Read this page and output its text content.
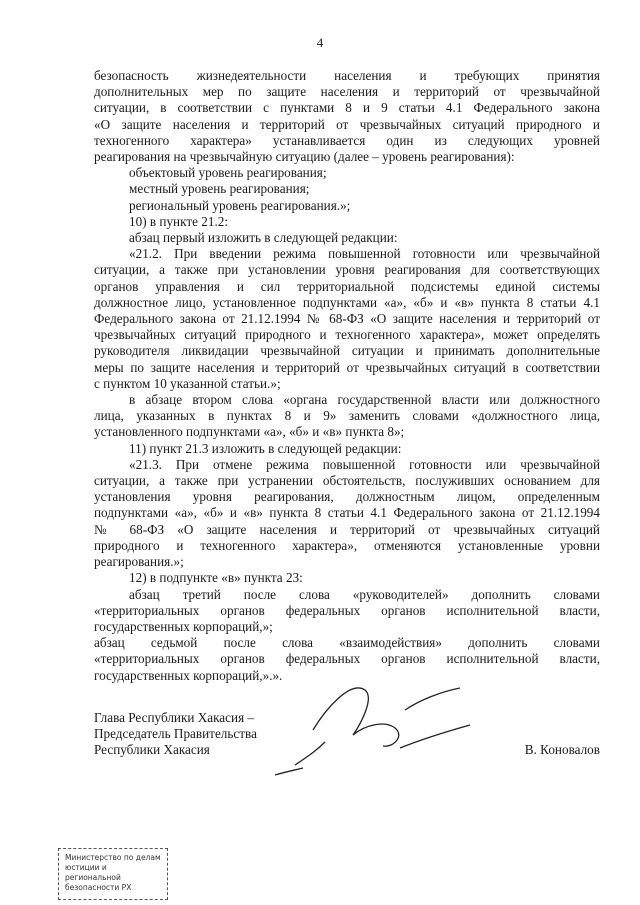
4

безопасность жизнедеятельности населения и требующих принятия

дополнительных мер по защите населения и территорий от чрезвычайной

ситуации, в соответствии с пунктами 8 и 9 статьи 4.1 Федерального закона

«О защите населения и территорий от чрезвычайных ситуаций природного и

техногенного характера» устанавливается один из следующих уровней

реагирования на чрезвычайную ситуацию (далее – уровень реагирования):

объектовый уровень реагирования;

местный уровень реагирования;

региональный уровень реагирования.»;

10) в пункте 21.2:

абзац первый изложить в следующей редакции:

«21.2. При введении режима повышенной готовности или чрезвычайной

ситуации, а также при установлении уровня реагирования для соответствующих

органов управления и сил территориальной подсистемы единой системы

должностное лицо, установленное подпунктами «а», «б» и «в» пункта 8 статьи 4.1

Федерального закона от 21.12.1994 № 68-ФЗ «О защите населения и территорий от

чрезвычайных ситуаций природного и техногенного характера», может определять

руководителя ликвидации чрезвычайной ситуации и принимать дополнительные

меры по защите населения и территорий от чрезвычайных ситуаций в соответствии

с пунктом 10 указанной статьи.»;

в абзаце втором слова «органа государственной власти или должностного

лица, указанных в пунктах 8 и 9» заменить словами «должностного лица,

установленного подпунктами «а», «б» и «в» пункта 8»;

11) пункт 21.3 изложить в следующей редакции:

«21.3. При отмене режима повышенной готовности или чрезвычайной

ситуации, а также при устранении обстоятельств, послуживших основанием для

установления уровня реагирования, должностным лицом, определенным

подпунктами «а», «б» и «в» пункта 8 статьи 4.1 Федерального закона от 21.12.1994

№ 68-ФЗ «О защите населения и территорий от чрезвычайных ситуаций

природного и техногенного характера», отменяются установленные уровни

реагирования.»;

12) в подпункте «в» пункта 23:

абзац третий после слова «руководителей» дополнить словами

«территориальных органов федеральных органов исполнительной власти,

государственных корпораций,»;

абзац седьмой после слова «взаимодействия» дополнить словами

«территориальных органов федеральных органов исполнительной власти,

государственных корпораций,».».

Глава Республики Хакасия –
Председатель Правительства
Республики Хакасия	В. Коновалов
Министерство по делам
юстиции и региональной
безопасности РХ
